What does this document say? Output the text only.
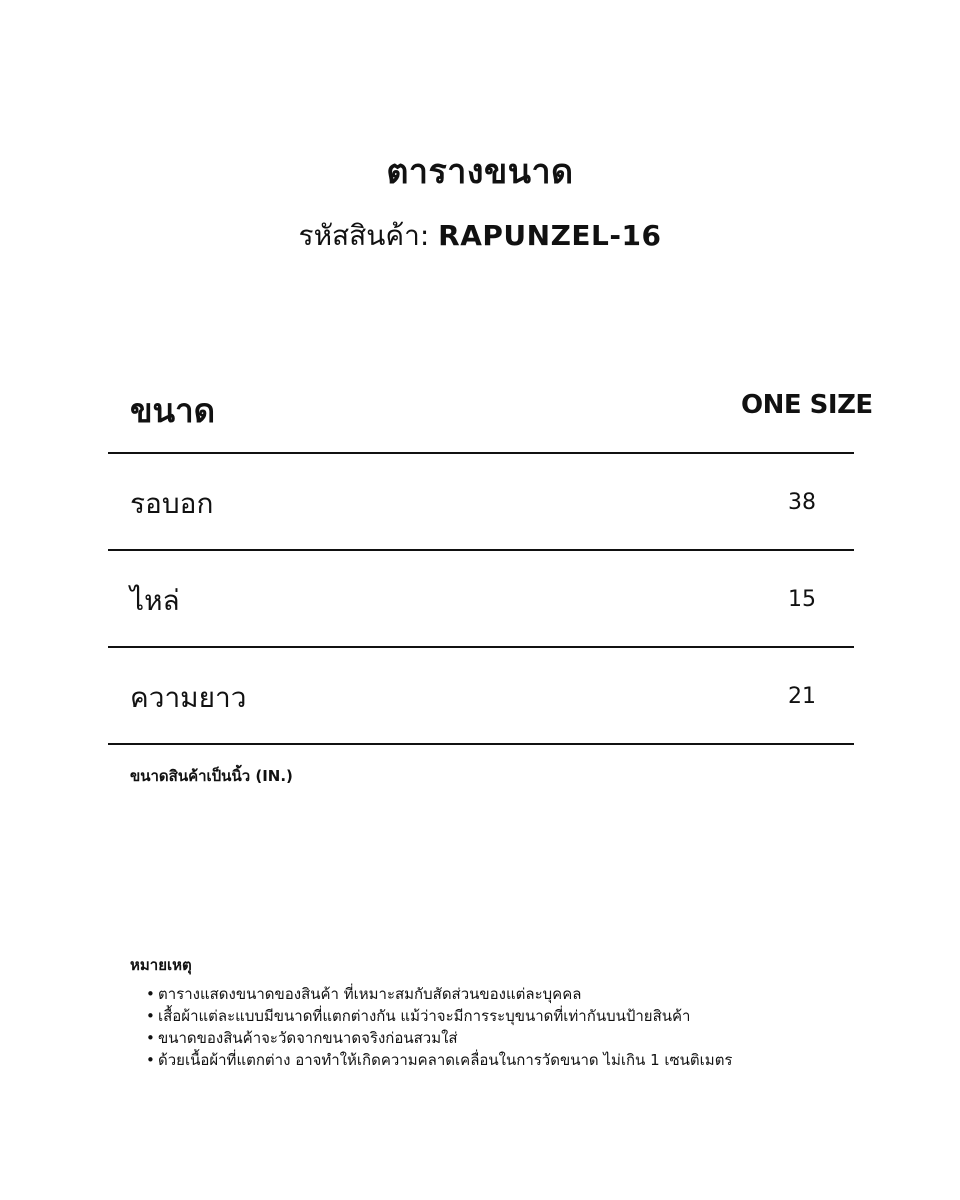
ตารางขนาด
รหัสสินค้า: RAPUNZEL-16
ขนาด	ONE SIZE
รอบอก	38
ไหล่	15
ความยาว	21
ขนาดสินค้าเป็นนิ้ว (IN.)
หมายเหตุ
• ตารางแสดงขนาดของสินค้า ที่เหมาะสมกับสัดส่วนของแต่ละบุคคล
• เสื้อผ้าแต่ละแบบมีขนาดที่แตกต่างกัน แม้ว่าจะมีการระบุขนาดที่เท่ากันบนป้ายสินค้า
• ขนาดของสินค้าจะวัดจากขนาดจริงก่อนสวมใส่
• ด้วยเนื้อผ้าที่แตกต่าง อาจทำให้เกิดความคลาดเคลื่อนในการวัดขนาด ไม่เกิน 1 เซนติเมตร
